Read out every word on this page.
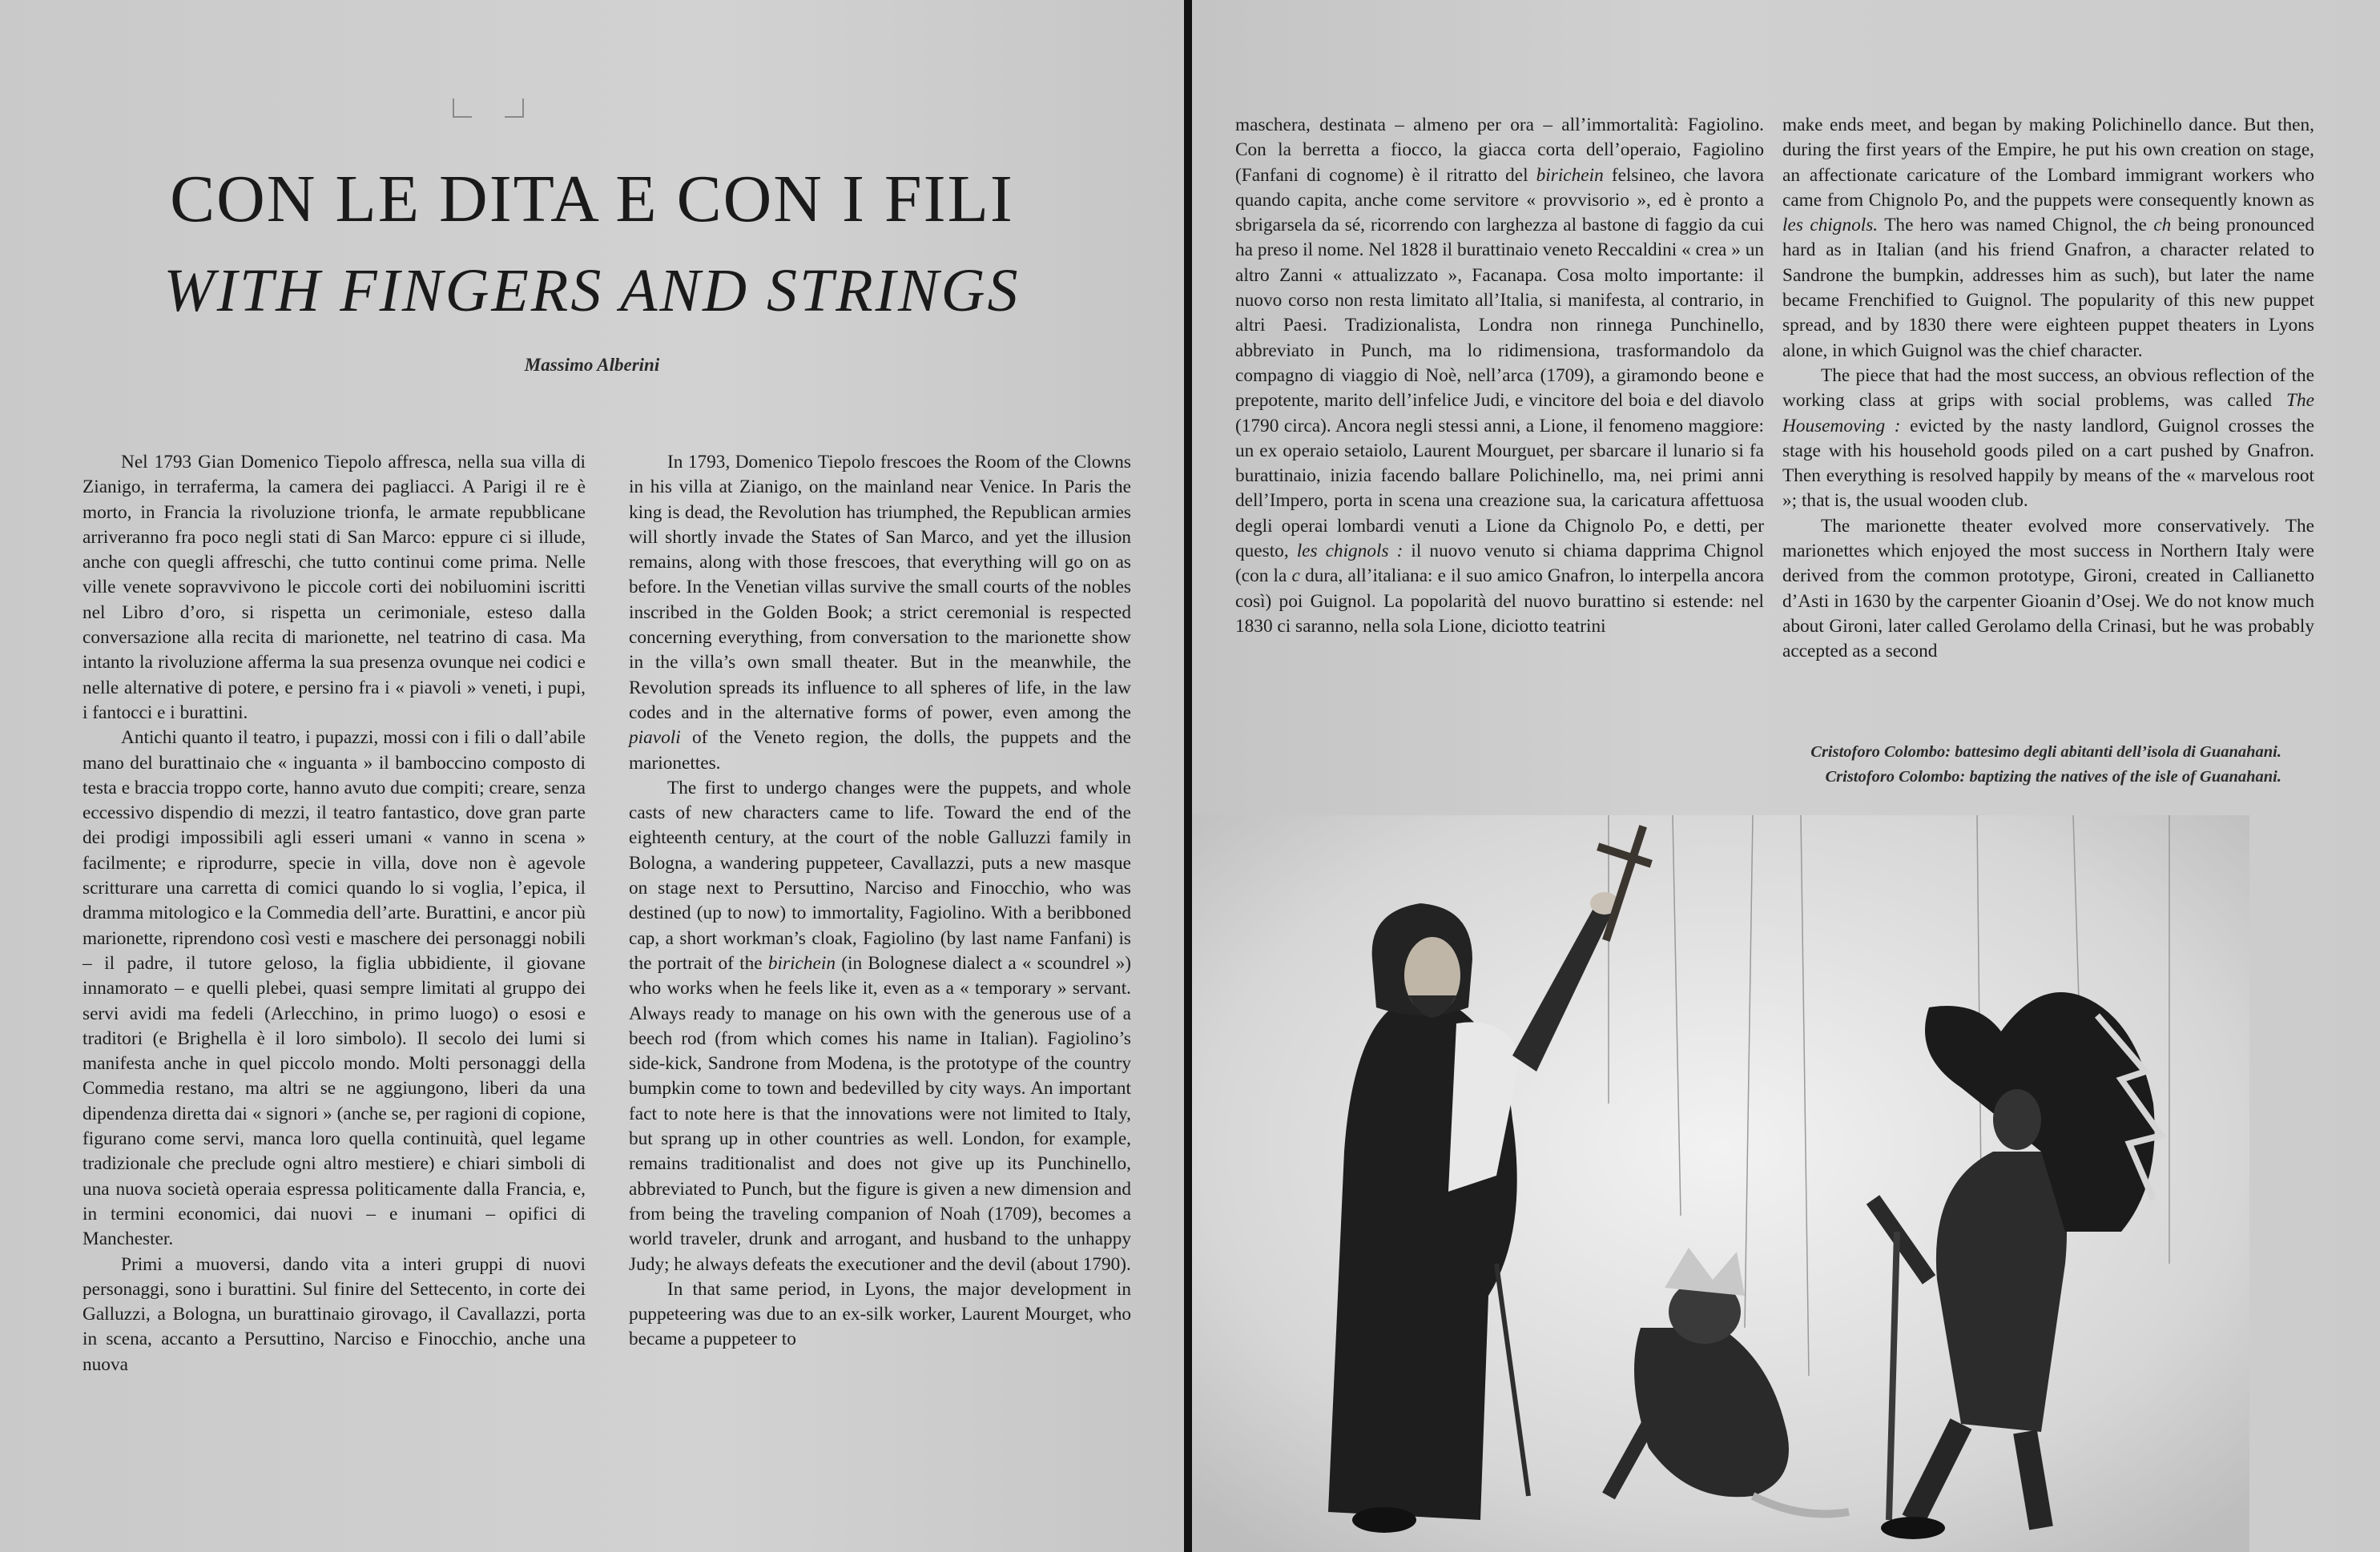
CON LE DITA E CON I FILI
WITH FINGERS AND STRINGS
Massimo Alberini

Nel 1793 Gian Domenico Tiepolo affresca, nella sua villa di Zianigo, in terraferma, la camera dei pagliacci. A Parigi il re è morto, in Francia la rivoluzione trionfa, le armate repubblicane arriveranno fra poco negli stati di San Marco: eppure ci si illude, anche con quegli affreschi, che tutto continui come prima. Nelle ville venete sopravvivono le piccole corti dei nobiluomini iscritti nel Libro d’oro, si rispetta un cerimoniale, esteso dalla conversazione alla recita di marionette, nel teatrino di casa. Ma intanto la rivoluzione afferma la sua presenza ovunque nei codici e nelle alternative di potere, e persino fra i « piavoli » veneti, i pupi, i fantocci e i burattini.

Antichi quanto il teatro, i pupazzi, mossi con i fili o dall’abile mano del burattinaio che « inguanta » il bamboccino composto di testa e braccia troppo corte, hanno avuto due compiti; creare, senza eccessivo dispendio di mezzi, il teatro fantastico, dove gran parte dei prodigi impossibili agli esseri umani « vanno in scena » facilmente; e riprodurre, specie in villa, dove non è agevole scritturare una carretta di comici quando lo si voglia, l’epica, il dramma mitologico e la Commedia dell’arte. Burattini, e ancor più marionette, riprendono così vesti e maschere dei personaggi nobili – il padre, il tutore geloso, la figlia ubbidiente, il giovane innamorato – e quelli plebei, quasi sempre limitati al gruppo dei servi avidi ma fedeli (Arlecchino, in primo luogo) o esosi e traditori (e Brighella è il loro simbolo). Il secolo dei lumi si manifesta anche in quel piccolo mondo. Molti personaggi della Commedia restano, ma altri se ne aggiungono, liberi da una dipendenza diretta dai « signori » (anche se, per ragioni di copione, figurano come servi, manca loro quella continuità, quel legame tradizionale che preclude ogni altro mestiere) e chiari simboli di una nuova società operaia espressa politicamente dalla Francia, e, in termini economici, dai nuovi – e inumani – opifici di Manchester.

Primi a muoversi, dando vita a interi gruppi di nuovi personaggi, sono i burattini. Sul finire del Settecento, in corte dei Galluzzi, a Bologna, un burattinaio girovago, il Cavallazzi, porta in scena, accanto a Persuttino, Narciso e Finocchio, anche una nuova

In 1793, Domenico Tiepolo frescoes the Room of the Clowns in his villa at Zianigo, on the mainland near Venice. In Paris the king is dead, the Revolution has triumphed, the Republican armies will shortly invade the States of San Marco, and yet the illusion remains, along with those frescoes, that everything will go on as before. In the Venetian villas survive the small courts of the nobles inscribed in the Golden Book; a strict ceremonial is respected concerning everything, from conversation to the marionette show in the villa’s own small theater. But in the meanwhile, the Revolution spreads its influence to all spheres of life, in the law codes and in the alternative forms of power, even among the piavoli of the Veneto region, the dolls, the puppets and the marionettes.

The first to undergo changes were the puppets, and whole casts of new characters came to life. Toward the end of the eighteenth century, at the court of the noble Galluzzi family in Bologna, a wandering puppeteer, Cavallazzi, puts a new masque on stage next to Persuttino, Narciso and Finocchio, who was destined (up to now) to immortality, Fagiolino. With a beribboned cap, a short workman’s cloak, Fagiolino (by last name Fanfani) is the portrait of the birichein (in Bolognese dialect a « scoundrel ») who works when he feels like it, even as a « temporary » servant. Always ready to manage on his own with the generous use of a beech rod (from which comes his name in Italian). Fagiolino’s side-kick, Sandrone from Modena, is the prototype of the country bumpkin come to town and bedevilled by city ways. An important fact to note here is that the innovations were not limited to Italy, but sprang up in other countries as well. London, for example, remains traditionalist and does not give up its Punchinello, abbreviated to Punch, but the figure is given a new dimension and from being the traveling companion of Noah (1709), becomes a world traveler, drunk and arrogant, and husband to the unhappy Judy; he always defeats the executioner and the devil (about 1790).

In that same period, in Lyons, the major development in puppeteering was due to an ex-silk worker, Laurent Mourget, who became a puppeteer to

maschera, destinata – almeno per ora – all’immortalità: Fagiolino. Con la berretta a fiocco, la giacca corta dell’operaio, Fagiolino (Fanfani di cognome) è il ritratto del birichein felsineo, che lavora quando capita, anche come servitore « provvisorio », ed è pronto a sbrigarsela da sé, ricorrendo con larghezza al bastone di faggio da cui ha preso il nome. Nel 1828 il burattinaio veneto Reccaldini « crea » un altro Zanni « attualizzato », Facanapa. Cosa molto importante: il nuovo corso non resta limitato all’Italia, si manifesta, al contrario, in altri Paesi. Tradizionalista, Londra non rinnega Punchinello, abbreviato in Punch, ma lo ridimensiona, trasformandolo da compagno di viaggio di Noè, nell’arca (1709), a giramondo beone e prepotente, marito dell’infelice Judi, e vincitore del boia e del diavolo (1790 circa). Ancora negli stessi anni, a Lione, il fenomeno maggiore: un ex operaio setaiolo, Laurent Mourguet, per sbarcare il lunario si fa burattinaio, inizia facendo ballare Polichinello, ma, nei primi anni dell’Impero, porta in scena una creazione sua, la caricatura affettuosa degli operai lombardi venuti a Lione da Chignolo Po, e detti, per questo, les chignols : il nuovo venuto si chiama dapprima Chignol (con la c dura, all’italiana: e il suo amico Gnafron, lo interpella ancora così) poi Guignol. La popolarità del nuovo burattino si estende: nel 1830 ci saranno, nella sola Lione, diciotto teatrini

make ends meet, and began by making Polichinello dance. But then, during the first years of the Empire, he put his own creation on stage, an affectionate caricature of the Lombard immigrant workers who came from Chignolo Po, and the puppets were consequently known as les chignols. The hero was named Chignol, the ch being pronounced hard as in Italian (and his friend Gnafron, a character related to Sandrone the bumpkin, addresses him as such), but later the name became Frenchified to Guignol. The popularity of this new puppet spread, and by 1830 there were eighteen puppet theaters in Lyons alone, in which Guignol was the chief character.

The piece that had the most success, an obvious reflection of the working class at grips with social problems, was called The Housemoving : evicted by the nasty landlord, Guignol crosses the stage with his household goods piled on a cart pushed by Gnafron. Then everything is resolved happily by means of the « marvelous root »; that is, the usual wooden club.

The marionette theater evolved more conservatively. The marionettes which enjoyed the most success in Northern Italy were derived from the common prototype, Gironi, created in Callianetto d’Asti in 1630 by the carpenter Gioanin d’Osej. We do not know much about Gironi, later called Gerolamo della Crinasi, but he was probably accepted as a second

Cristoforo Colombo: battesimo degli abitanti dell’isola di Guanahani.
Cristoforo Colombo: baptizing the natives of the isle of Guanahani.
